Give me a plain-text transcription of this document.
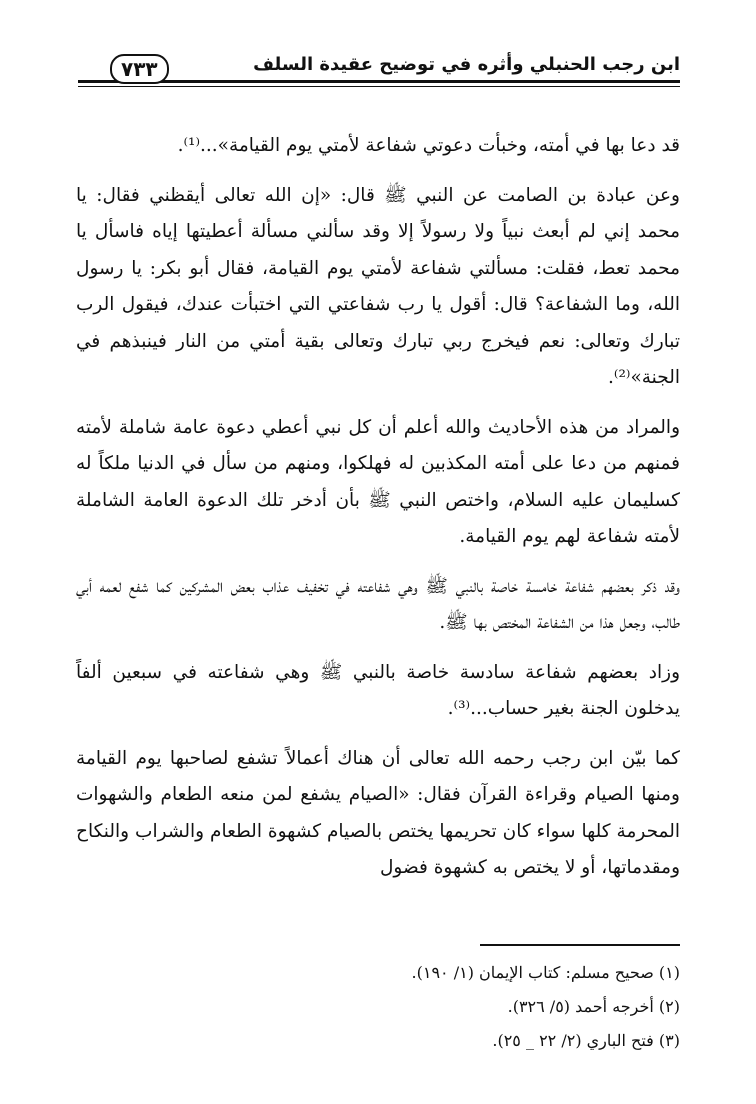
ابن رجب الحنبلي وأثره في توضيح عقيدة السلف
٧٣٣

قد دعا بها في أمته، وخبأت دعوتي شفاعة لأمتي يوم القيامة»...⁽¹⁾.

وعن عبادة بن الصامت عن النبي ﷺ قال: «إن الله تعالى أيقظني فقال: يا محمد إني لم أبعث نبياً ولا رسولاً إلا وقد سألني مسألة أعطيتها إياه فاسأل يا محمد تعط، فقلت: مسألتي شفاعة لأمتي يوم القيامة، فقال أبو بكر: يا رسول الله، وما الشفاعة؟ قال: أقول يا رب شفاعتي التي اختبأت عندك، فيقول الرب تبارك وتعالى: نعم فيخرج ربي تبارك وتعالى بقية أمتي من النار فينبذهم في الجنة»⁽²⁾.

والمراد من هذه الأحاديث والله أعلم أن كل نبي أعطي دعوة عامة شاملة لأمته فمنهم من دعا على أمته المكذبين له فهلكوا، ومنهم من سأل في الدنيا ملكاً له كسليمان عليه السلام، واختص النبي ﷺ بأن أدخر تلك الدعوة العامة الشاملة لأمته شفاعة لهم يوم القيامة.

وقد ذكر بعضهم شفاعة خامسة خاصة بالنبي ﷺ وهي شفاعته في تخفيف عذاب بعض المشركين كما شفع لعمه أبي طالب، وجعل هذا من الشفاعة المختص بها ﷺ.

وزاد بعضهم شفاعة سادسة خاصة بالنبي ﷺ وهي شفاعته في سبعين ألفاً يدخلون الجنة بغير حساب...⁽³⁾.

كما بيّن ابن رجب رحمه الله تعالى أن هناك أعمالاً تشفع لصاحبها يوم القيامة ومنها الصيام وقراءة القرآن فقال: «الصيام يشفع لمن منعه الطعام والشهوات المحرمة كلها سواء كان تحريمها يختص بالصيام كشهوة الطعام والشراب والنكاح ومقدماتها، أو لا يختص به كشهوة فضول

(١) صحيح مسلم: كتاب الإيمان (١/ ١٩٠).
(٢) أخرجه أحمد (٥/ ٣٢٦).
(٣) فتح الباري (٢/ ٢٢ _ ٢٥).
